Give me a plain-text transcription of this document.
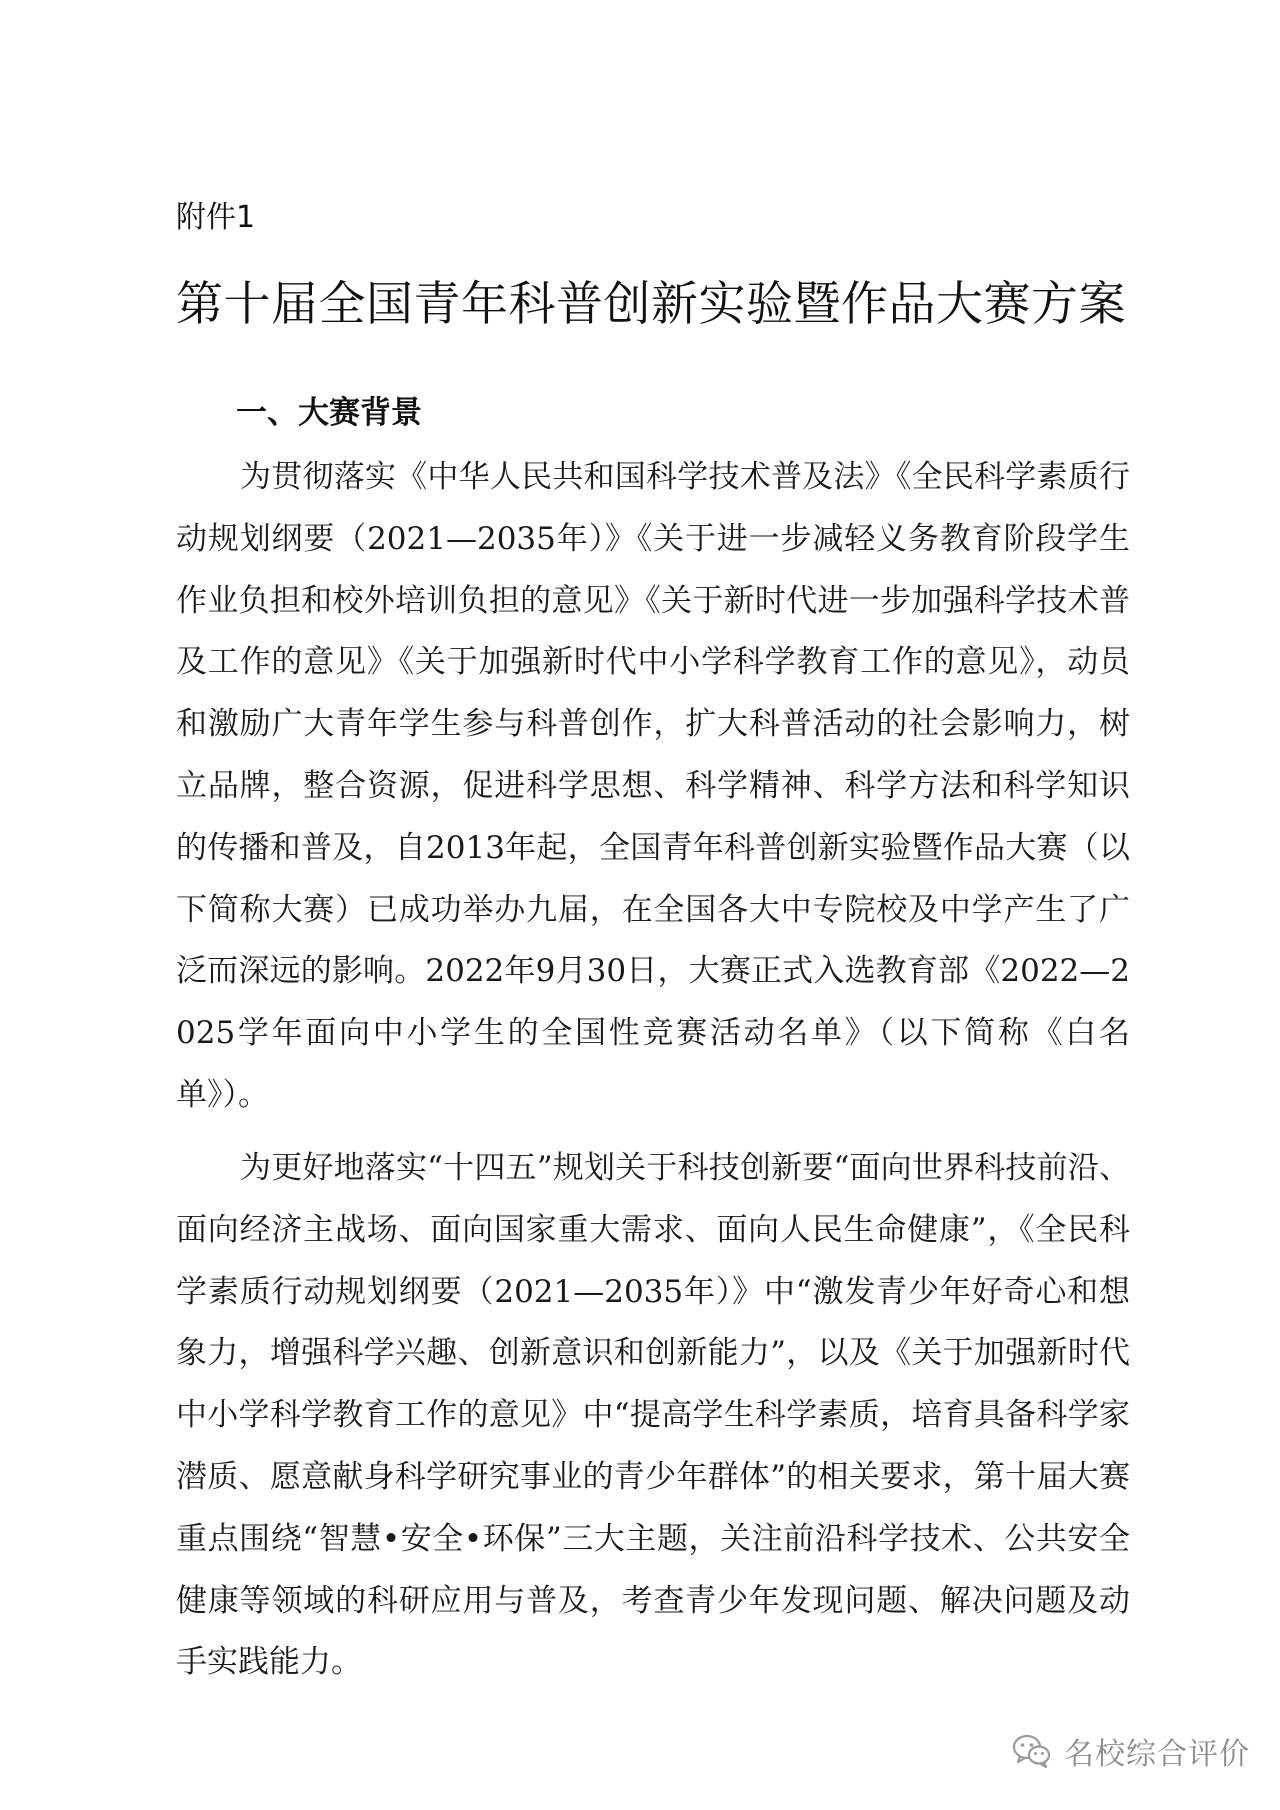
附件1
第十届全国青年科普创新实验暨作品大赛方案
一、大赛背景

为贯彻落实《中华人民共和国科学技术普及法》《全民科学素质行动规划纲要（2021—2035年）》《关于进一步减轻义务教育阶段学生作业负担和校外培训负担的意见》《关于新时代进一步加强科学技术普及工作的意见》《关于加强新时代中小学科学教育工作的意见》，动员和激励广大青年学生参与科普创作，扩大科普活动的社会影响力，树立品牌，整合资源，促进科学思想、科学精神、科学方法和科学知识的传播和普及，自2013年起，全国青年科普创新实验暨作品大赛（以下简称大赛）已成功举办九届，在全国各大中专院校及中学产生了广泛而深远的影响。2022年9月30日，大赛正式入选教育部《2022—2025学年面向中小学生的全国性竞赛活动名单》（以下简称《白名单》）。

为更好地落实“十四五”规划关于科技创新要“面向世界科技前沿、面向经济主战场、面向国家重大需求、面向人民生命健康”，《全民科学素质行动规划纲要（2021—2035年）》中“激发青少年好奇心和想象力，增强科学兴趣、创新意识和创新能力”，以及《关于加强新时代中小学科学教育工作的意见》中“提高学生科学素质，培育具备科学家潜质、愿意献身科学研究事业的青少年群体”的相关要求，第十届大赛重点围绕“智慧•安全•环保”三大主题，关注前沿科学技术、公共安全健康等领域的科研应用与普及，考查青少年发现问题、解决问题及动手实践能力。

名校综合评价
